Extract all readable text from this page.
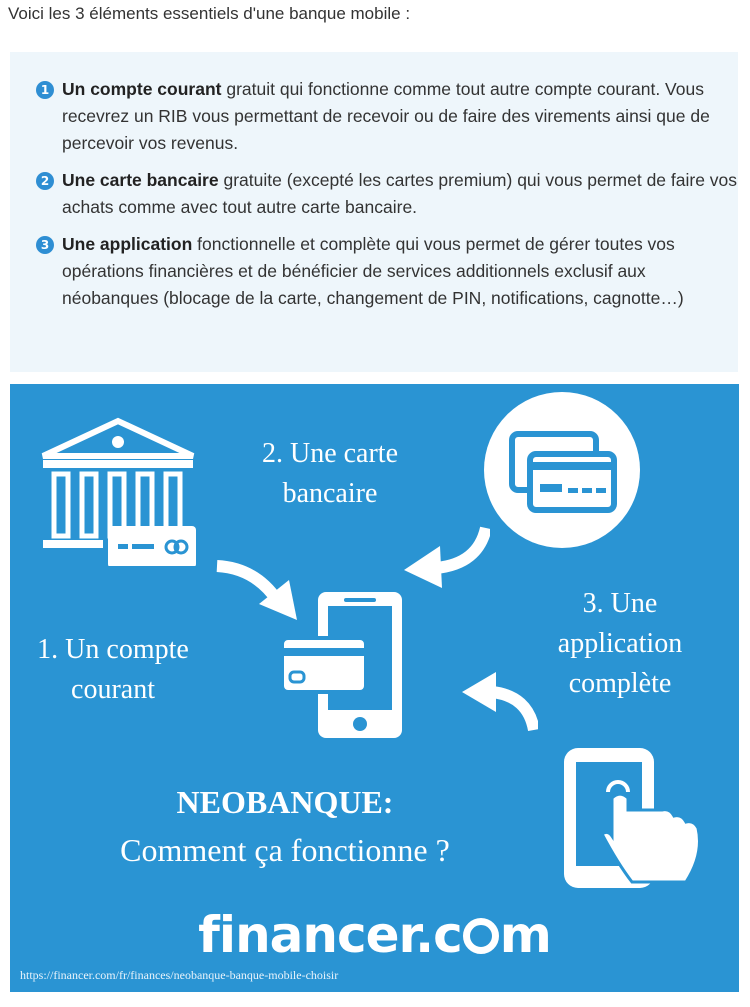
Voici les 3 éléments essentiels d'une banque mobile :
1 Un compte courant gratuit qui fonctionne comme tout autre compte courant. Vous recevrez un RIB vous permettant de recevoir ou de faire des virements ainsi que de percevoir vos revenus.
2 Une carte bancaire gratuite (excepté les cartes premium) qui vous permet de faire vos achats comme avec tout autre carte bancaire.
3 Une application fonctionnelle et complète qui vous permet de gérer toutes vos opérations financières et de bénéficier de services additionnels exclusif aux néobanques (blocage de la carte, changement de PIN, notifications, cagnotte…)
2. Une carte
bancaire
1. Un compte
courant
3. Une
application
complète
NEOBANQUE:
Comment ça fonctionne ?
financer.c m
https://financer.com/fr/finances/neobanque-banque-mobile-choisir
